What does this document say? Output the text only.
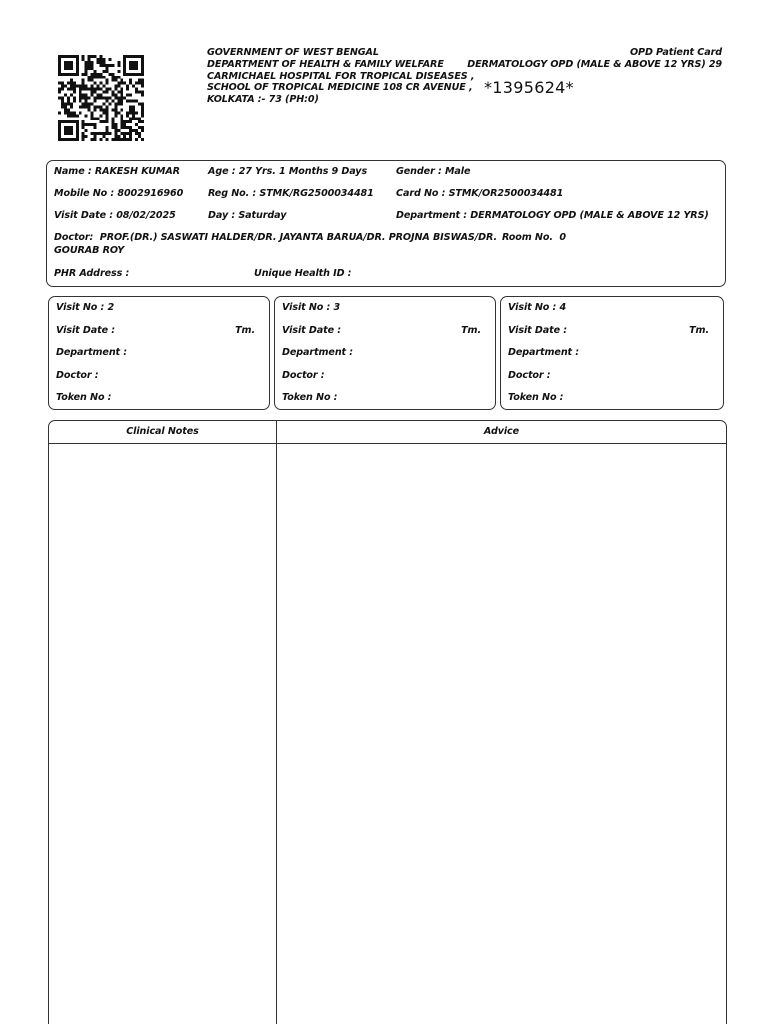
GOVERNMENT OF WEST BENGAL
DEPARTMENT OF HEALTH & FAMILY WELFARE
CARMICHAEL HOSPITAL FOR TROPICAL DISEASES ,
SCHOOL OF TROPICAL MEDICINE 108 CR AVENUE ,
KOLKATA :- 73 (PH:0)
OPD Patient Card
DERMATOLOGY OPD (MALE & ABOVE 12 YRS) 29
*1395624*
Name : RAKESH KUMAR	Age : 27 Yrs. 1 Months 9 Days	Gender : Male
Mobile No : 8002916960	Reg No. : STMK/RG2500034481 Card No : STMK/OR2500034481
Visit Date : 08/02/2025	Day : Saturday	Department : DERMATOLOGY OPD (MALE & ABOVE 12 YRS)
Doctor: PROF.(DR.) SASWATI HALDER/DR. JAYANTA BARUA/DR. PROJNA BISWAS/DR. Room No. 0
GOURAB ROY
PHR Address :	Unique Health ID :
Visit No : 2
Visit Date :	Tm.
Department :
Doctor :
Token No :
Visit No : 3
Visit Date :	Tm.
Department :
Doctor :
Token No :
Visit No : 4
Visit Date :	Tm.
Department :
Doctor :
Token No :
Clinical Notes	Advice
